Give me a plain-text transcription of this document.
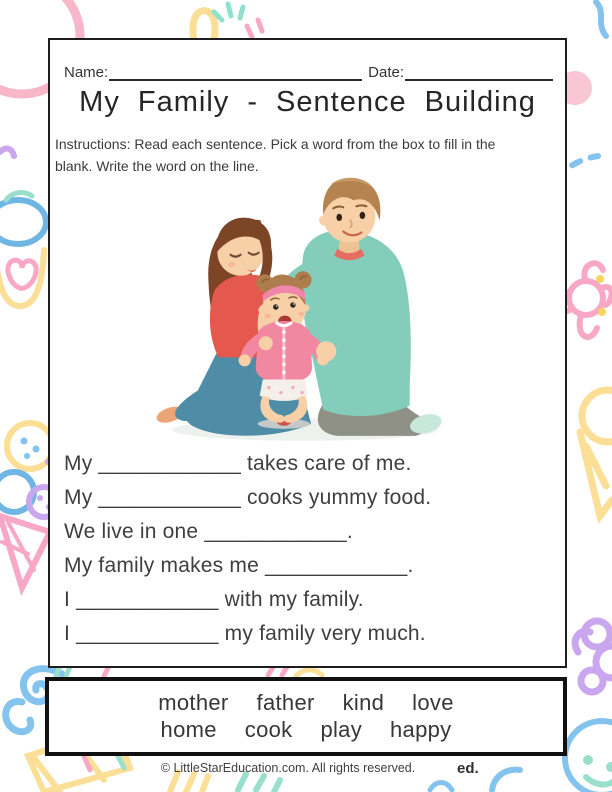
Name:	Date:
My Family - Sentence Building
Instructions: Read each sentence. Pick a word from the box to fill in the
blank. Write the word on the line.

My ____________ takes care of me.

My ____________ cooks yummy food.

We live in one ____________.

My family makes me ____________.

I ____________ with my family.

I ____________ my family very much.

mother father kind love
home cook play happy
© LittleStarEducation.com. All rights reserved.	ed.
